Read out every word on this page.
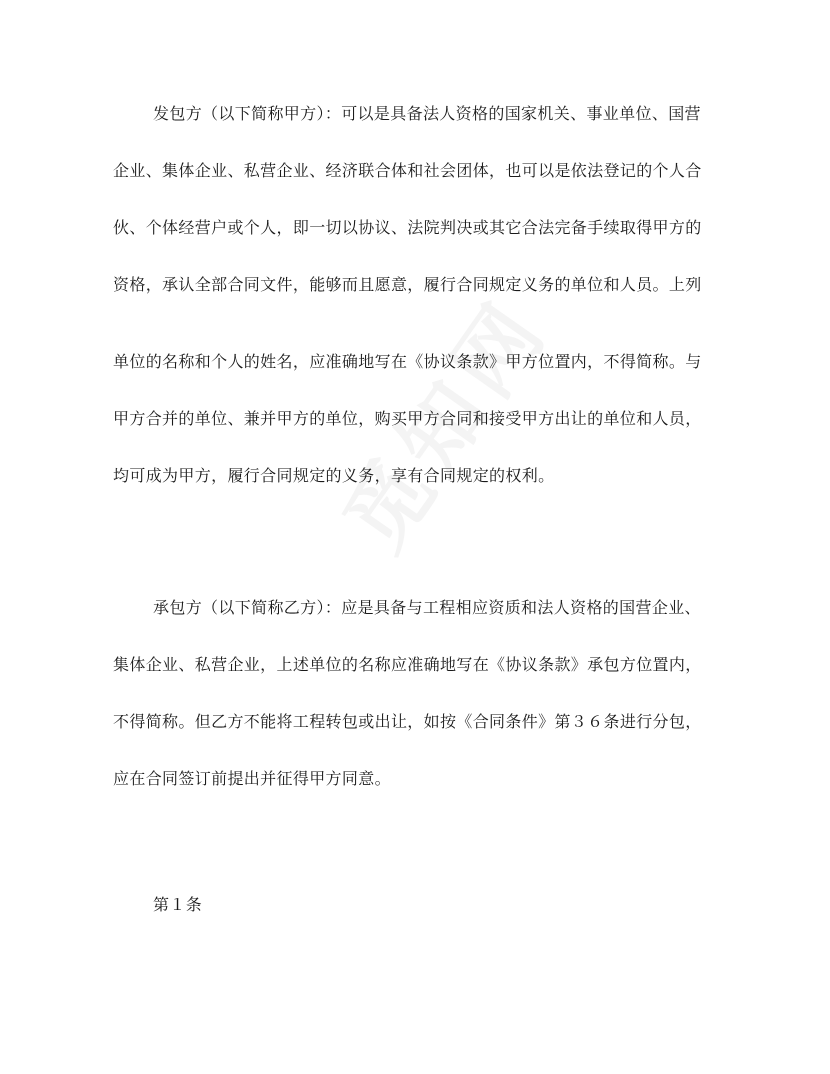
发包方（以下简称甲方）：可以是具备法人资格的国家机关、事业单位、国营
企业、集体企业、私营企业、经济联合体和社会团体，也可以是依法登记的个人合
伙、个体经营户或个人，即一切以协议、法院判决或其它合法完备手续取得甲方的
资格，承认全部合同文件，能够而且愿意，履行合同规定义务的单位和人员。上列
单位的名称和个人的姓名，应准确地写在《协议条款》甲方位置内，不得简称。与
甲方合并的单位、兼并甲方的单位，购买甲方合同和接受甲方出让的单位和人员，
均可成为甲方，履行合同规定的义务，享有合同规定的权利。
承包方（以下简称乙方）：应是具备与工程相应资质和法人资格的国营企业、
集体企业、私营企业，上述单位的名称应准确地写在《协议条款》承包方位置内，
不得简称。但乙方不能将工程转包或出让，如按《合同条件》第３６条进行分包，
应在合同签订前提出并征得甲方同意。
第１条
